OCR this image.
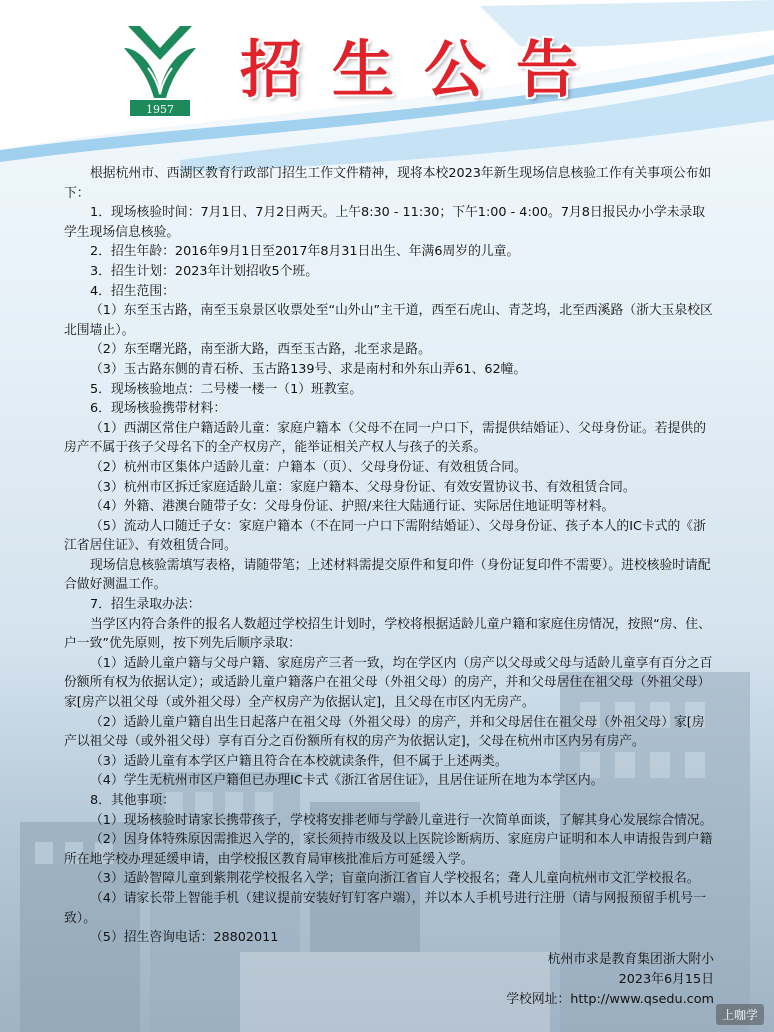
1957
招生公告

根据杭州市、西湖区教育行政部门招生工作文件精神，现将本校2023年新生现场信息核验工作有关事项公布如下：

1．现场核验时间：7月1日、7月2日两天。上午8:30 - 11:30；下午1:00 - 4:00。7月8日报民办小学未录取学生现场信息核验。

2．招生年龄：2016年9月1日至2017年8月31日出生、年满6周岁的儿童。

3．招生计划：2023年计划招收5个班。

4．招生范围：

（1）东至玉古路，南至玉泉景区收票处至“山外山”主干道，西至石虎山、青芝坞，北至西溪路（浙大玉泉校区北围墙止）。

（2）东至曙光路，南至浙大路，西至玉古路，北至求是路。

（3）玉古路东侧的青石桥、玉古路139号、求是南村和外东山弄61、62幢。

5．现场核验地点：二号楼一楼一（1）班教室。

6．现场核验携带材料：

（1）西湖区常住户籍适龄儿童：家庭户籍本（父母不在同一户口下，需提供结婚证）、父母身份证。若提供的房产不属于孩子父母名下的全产权房产，能举证相关产权人与孩子的关系。

（2）杭州市区集体户适龄儿童：户籍本（页）、父母身份证、有效租赁合同。

（3）杭州市区拆迁家庭适龄儿童：家庭户籍本、父母身份证、有效安置协议书、有效租赁合同。

（4）外籍、港澳台随带子女：父母身份证、护照/来往大陆通行证、实际居住地证明等材料。

（5）流动人口随迁子女：家庭户籍本（不在同一户口下需附结婚证）、父母身份证、孩子本人的IC卡式的《浙江省居住证》、有效租赁合同。

现场信息核验需填写表格，请随带笔；上述材料需提交原件和复印件（身份证复印件不需要）。进校核验时请配合做好测温工作。

7．招生录取办法：

当学区内符合条件的报名人数超过学校招生计划时，学校将根据适龄儿童户籍和家庭住房情况，按照“房、住、户一致”优先原则，按下列先后顺序录取：

（1）适龄儿童户籍与父母户籍、家庭房产三者一致，均在学区内（房产以父母或父母与适龄儿童享有百分之百份额所有权为依据认定）；或适龄儿童户籍落户在祖父母（外祖父母）的房产，并和父母居住在祖父母（外祖父母）家[房产以祖父母（或外祖父母）全产权房产为依据认定]，且父母在市区内无房产。

（2）适龄儿童户籍自出生日起落户在祖父母（外祖父母）的房产，并和父母居住在祖父母（外祖父母）家[房产以祖父母（或外祖父母）享有百分之百份额所有权的房产为依据认定]，父母在杭州市区内另有房产。

（3）适龄儿童有本学区户籍且符合在本校就读条件，但不属于上述两类。

（4）学生无杭州市区户籍但已办理IC卡式《浙江省居住证》，且居住证所在地为本学区内。

8．其他事项：

（1）现场核验时请家长携带孩子，学校将安排老师与学龄儿童进行一次简单面谈，了解其身心发展综合情况。

（2）因身体特殊原因需推迟入学的，家长须持市级及以上医院诊断病历、家庭房户证明和本人申请报告到户籍所在地学校办理延缓申请，由学校报区教育局审核批准后方可延缓入学。

（3）适龄智障儿童到紫荆花学校报名入学；盲童向浙江省盲人学校报名；聋人儿童向杭州市文汇学校报名。

（4）请家长带上智能手机（建议提前安装好钉钉客户端），并以本人手机号进行注册（请与网报预留手机号一致）。

（5）招生咨询电话：28802011

杭州市求是教育集团浙大附小
2023年6月15日
学校网址：http://www.qsedu.com
上咖学
